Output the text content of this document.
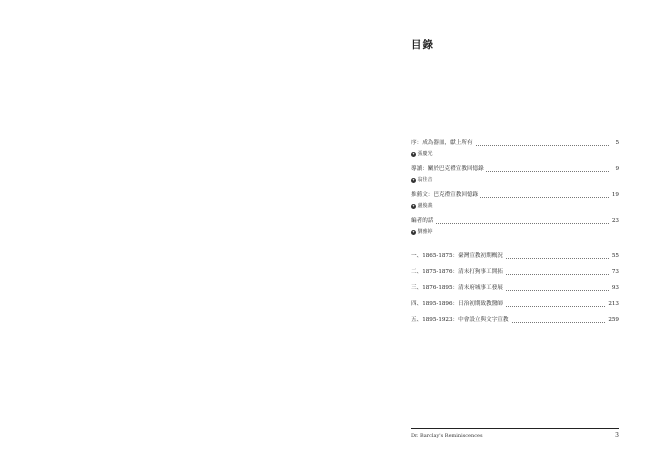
目錄
序：成為器皿，獻上所有	5
✦ 張慶光
導讀：關於巴克禮宣教回憶錄	9
✦ 翁佳音
推薦文：巴克禮宣教回憶錄	19
✦ 盧俊義
編者的話	23
✦ 劉雅婷
一、1865-1875：臺灣宣教初期概況	55
二、1875-1876：清末打狗事工開拓	73
三、1876-1895：清末府城事工發展	93
四、1895-1896：日治初期致教醫師	213
五、1895-1923：中會設立與文字宣教	259
Dr. Barclay's Reminiscences	3
